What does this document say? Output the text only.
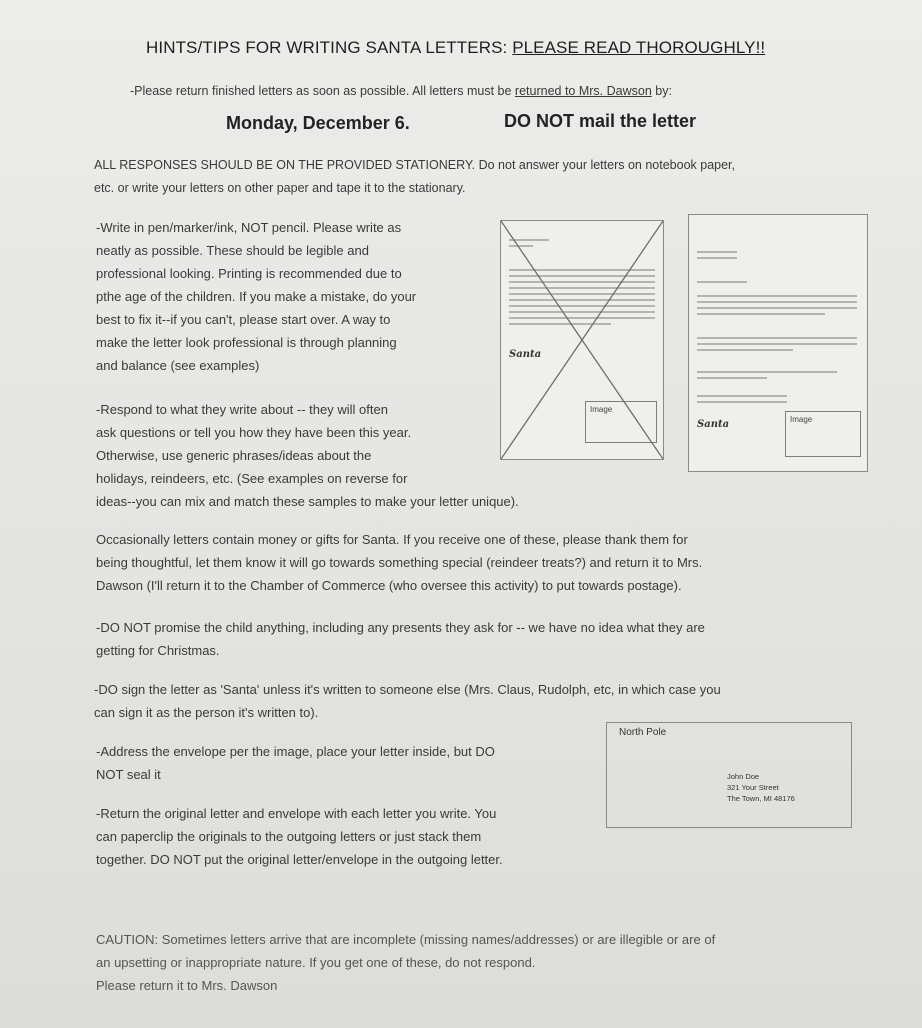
HINTS/TIPS FOR WRITING SANTA LETTERS: PLEASE READ THOROUGHLY!!
-Please return finished letters as soon as possible. All letters must be returned to Mrs. Dawson by:
Monday, December 6.	DO NOT mail the letter
ALL RESPONSES SHOULD BE ON THE PROVIDED STATIONERY. Do not answer your letters on notebook paper,
etc. or write your letters on other paper and tape it to the stationary.
-Write in pen/marker/ink, NOT pencil. Please write as
neatly as possible. These should be legible and
professional looking. Printing is recommended due to
pthe age of the children. If you make a mistake, do your
best to fix it--if you can't, please start over. A way to
make the letter look professional is through planning
and balance (see examples)
-Respond to what they write about -- they will often
ask questions or tell you how they have been this year.
Otherwise, use generic phrases/ideas about the
holidays, reindeers, etc. (See examples on reverse for
ideas--you can mix and match these samples to make your letter unique).
Santa
Image
Santa	Image
Occasionally letters contain money or gifts for Santa. If you receive one of these, please thank them for
being thoughtful, let them know it will go towards something special (reindeer treats?) and return it to Mrs.
Dawson (I'll return it to the Chamber of Commerce (who oversee this activity) to put towards postage).
-DO NOT promise the child anything, including any presents they ask for -- we have no idea what they are
getting for Christmas.
-DO sign the letter as 'Santa' unless it's written to someone else (Mrs. Claus, Rudolph, etc, in which case you
can sign it as the person it's written to).
-Address the envelope per the image, place your letter inside, but DO
NOT seal it
-Return the original letter and envelope with each letter you write. You
can paperclip the originals to the outgoing letters or just stack them
together. DO NOT put the original letter/envelope in the outgoing letter.
North Pole
John Doe
321 Your Street
The Town, MI 48176
CAUTION: Sometimes letters arrive that are incomplete (missing names/addresses) or are illegible or are of
an upsetting or inappropriate nature. If you get one of these, do not respond.
Please return it to Mrs. Dawson
